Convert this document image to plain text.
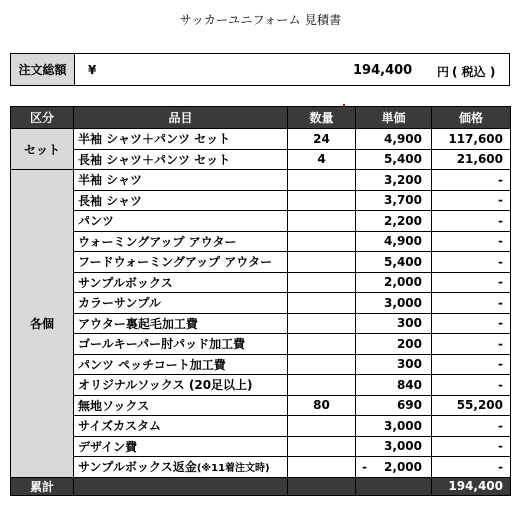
サッカーユニフォーム 見積書
注文総額	¥	194,400 円 ( 税込 )
区分	品目	数量	単価	価格
セット	半袖 シャツ＋パンツ セット	24	4,900	117,600
	長袖 シャツ＋パンツ セット	4	5,400	21,600
各個	半袖 シャツ		3,200	-
	長袖 シャツ		3,700	-
	パンツ		2,200	-
	ウォーミングアップ アウター		4,900	-
	フードウォーミングアップ アウター		5,400	-
	サンプルボックス		2,000	-
	カラーサンプル		3,000	-
	アウター裏起毛加工費		300	-
	ゴールキーパー肘パッド加工費		200	-
	パンツ ペッチコート加工費		300	-
	オリジナルソックス (20足以上)		840	-
	無地ソックス	80	690	55,200
	サイズカスタム		3,000	-
	デザイン費		3,000	-
	サンプルボックス返金(※11着注文時)		- 2,000	-
累計				194,400
